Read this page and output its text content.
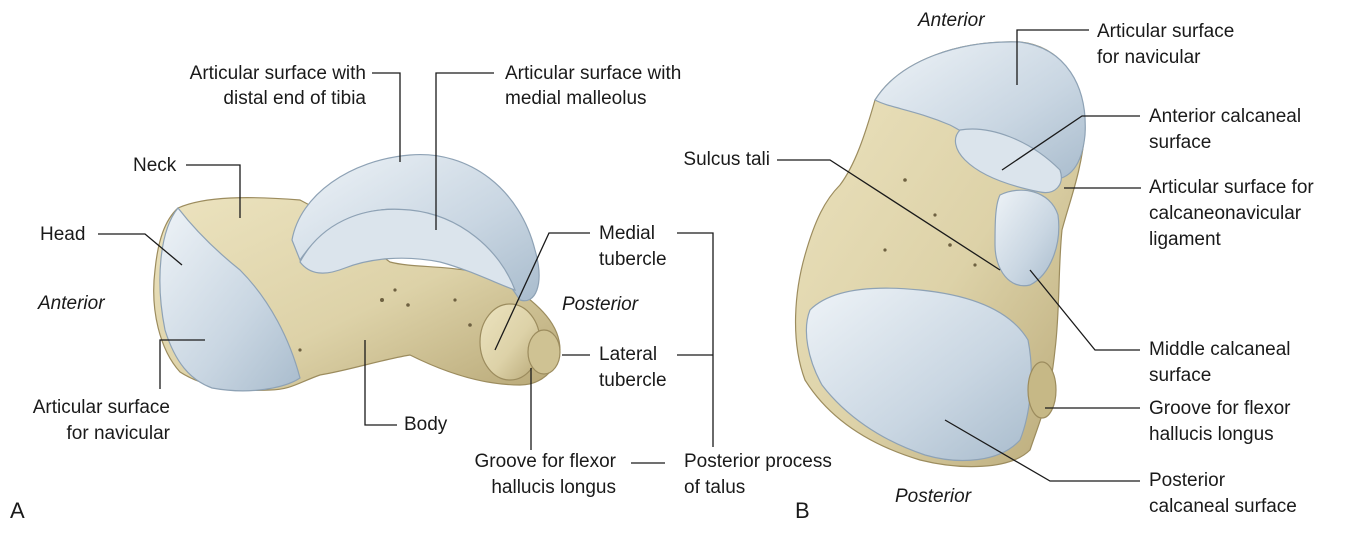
Articular surface with
distal end of tibia
Articular surface with
medial malleolus
Neck
Head
Anterior
Medial
tubercle
Posterior
Lateral
tubercle
Articular surface
for navicular	Body
Groove for flexor
hallucis longus
Posterior process
of talus
A
Anterior
Articular surface
for navicular
Anterior calcaneal
surface
Sulcus tali
Articular surface for
calcaneonavicular
ligament
Middle calcaneal
surface
Groove for flexor
hallucis longus
Posterior
Posterior
calcaneal surface
B
